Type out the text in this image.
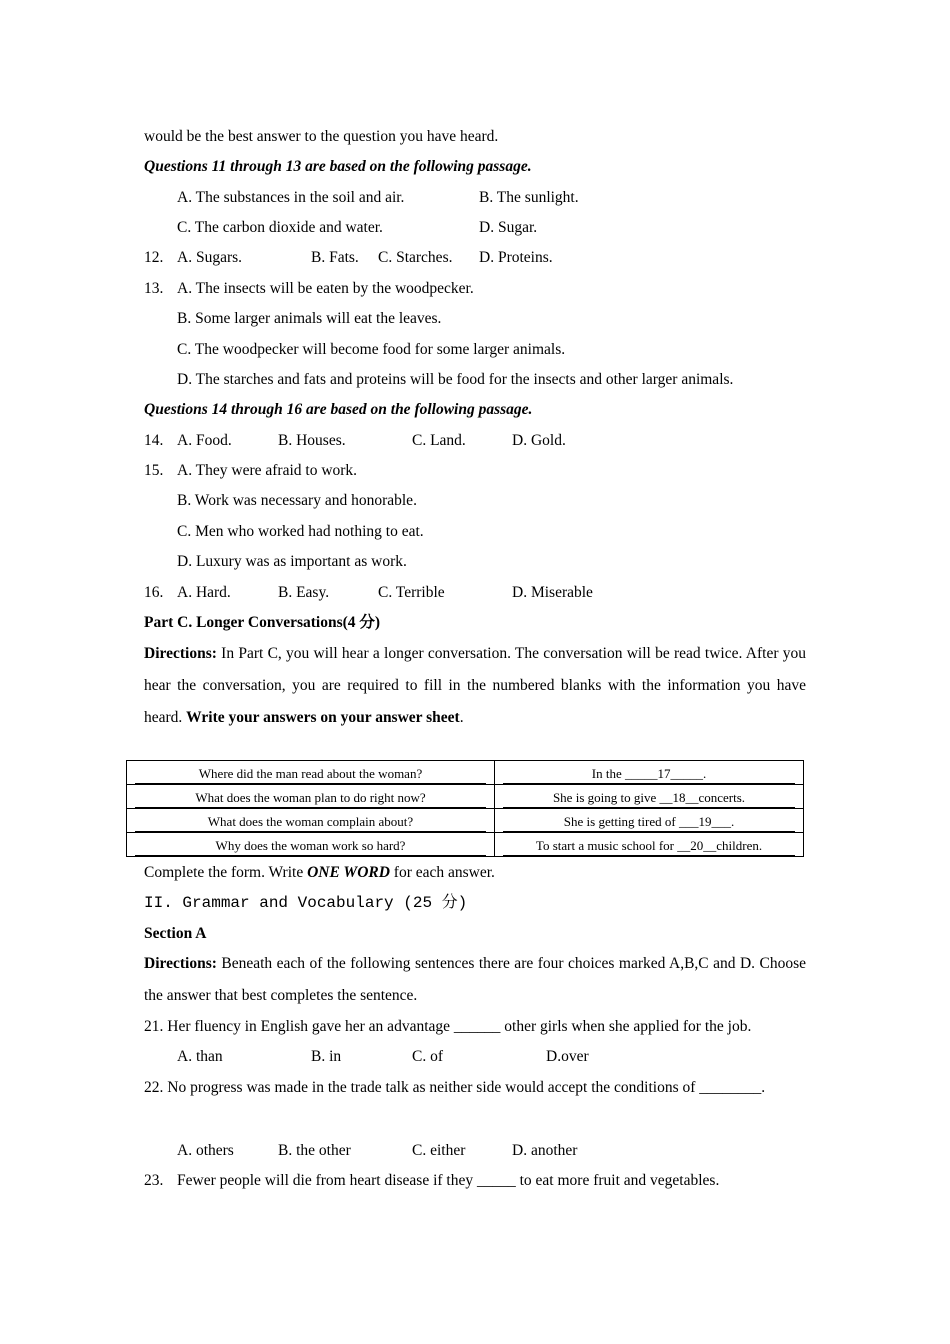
would be the best answer to the question you have heard.
Questions 11 through 13 are based on the following passage.
A. The substances in the soil and air.	B. The sunlight.
C. The carbon dioxide and water.	D. Sugar.
12. A. Sugars.	B. Fats. C. Starches. D. Proteins.
13. A. The insects will be eaten by the woodpecker.
B. Some larger animals will eat the leaves.
C. The woodpecker will become food for some larger animals.
D. The starches and fats and proteins will be food for the insects and other larger animals.
Questions 14 through 16 are based on the following passage.
14. A. Food.	B. Houses.	C. Land.	D. Gold.
15. A. They were afraid to work.
B. Work was necessary and honorable.
C. Men who worked had nothing to eat.
D. Luxury was as important as work.
16. A. Hard.	B. Easy.	C. Terrible	D. Miserable
Part C. Longer Conversations(4 分)
Directions: In Part C, you will hear a longer conversation. The conversation will be read twice. After you hear the conversation, you are required to fill in the numbered blanks with the information you have heard. Write your answers on your answer sheet.
Where did the man read about the woman?	In the _____17_____.

What does the woman plan to do right now?	She is going to give __18__concerts.

What does the woman complain about?	She is getting tired of ___19___.

Why does the woman work so hard?	To start a music school for __20__children.
Complete the form. Write ONE WORD for each answer.
II. Grammar and Vocabulary (25 分)
Section A
Directions: Beneath each of the following sentences there are four choices marked A,B,C and D. Choose the answer that best completes the sentence.
21. Her fluency in English gave her an advantage ______ other girls when she applied for the job.
A. than	B. in	C. of	D.over
22. No progress was made in the trade talk as neither side would accept the conditions of ________.
A. others	B. the other	C. either	D. another
23. Fewer people will die from heart disease if they _____ to eat more fruit and vegetables.
